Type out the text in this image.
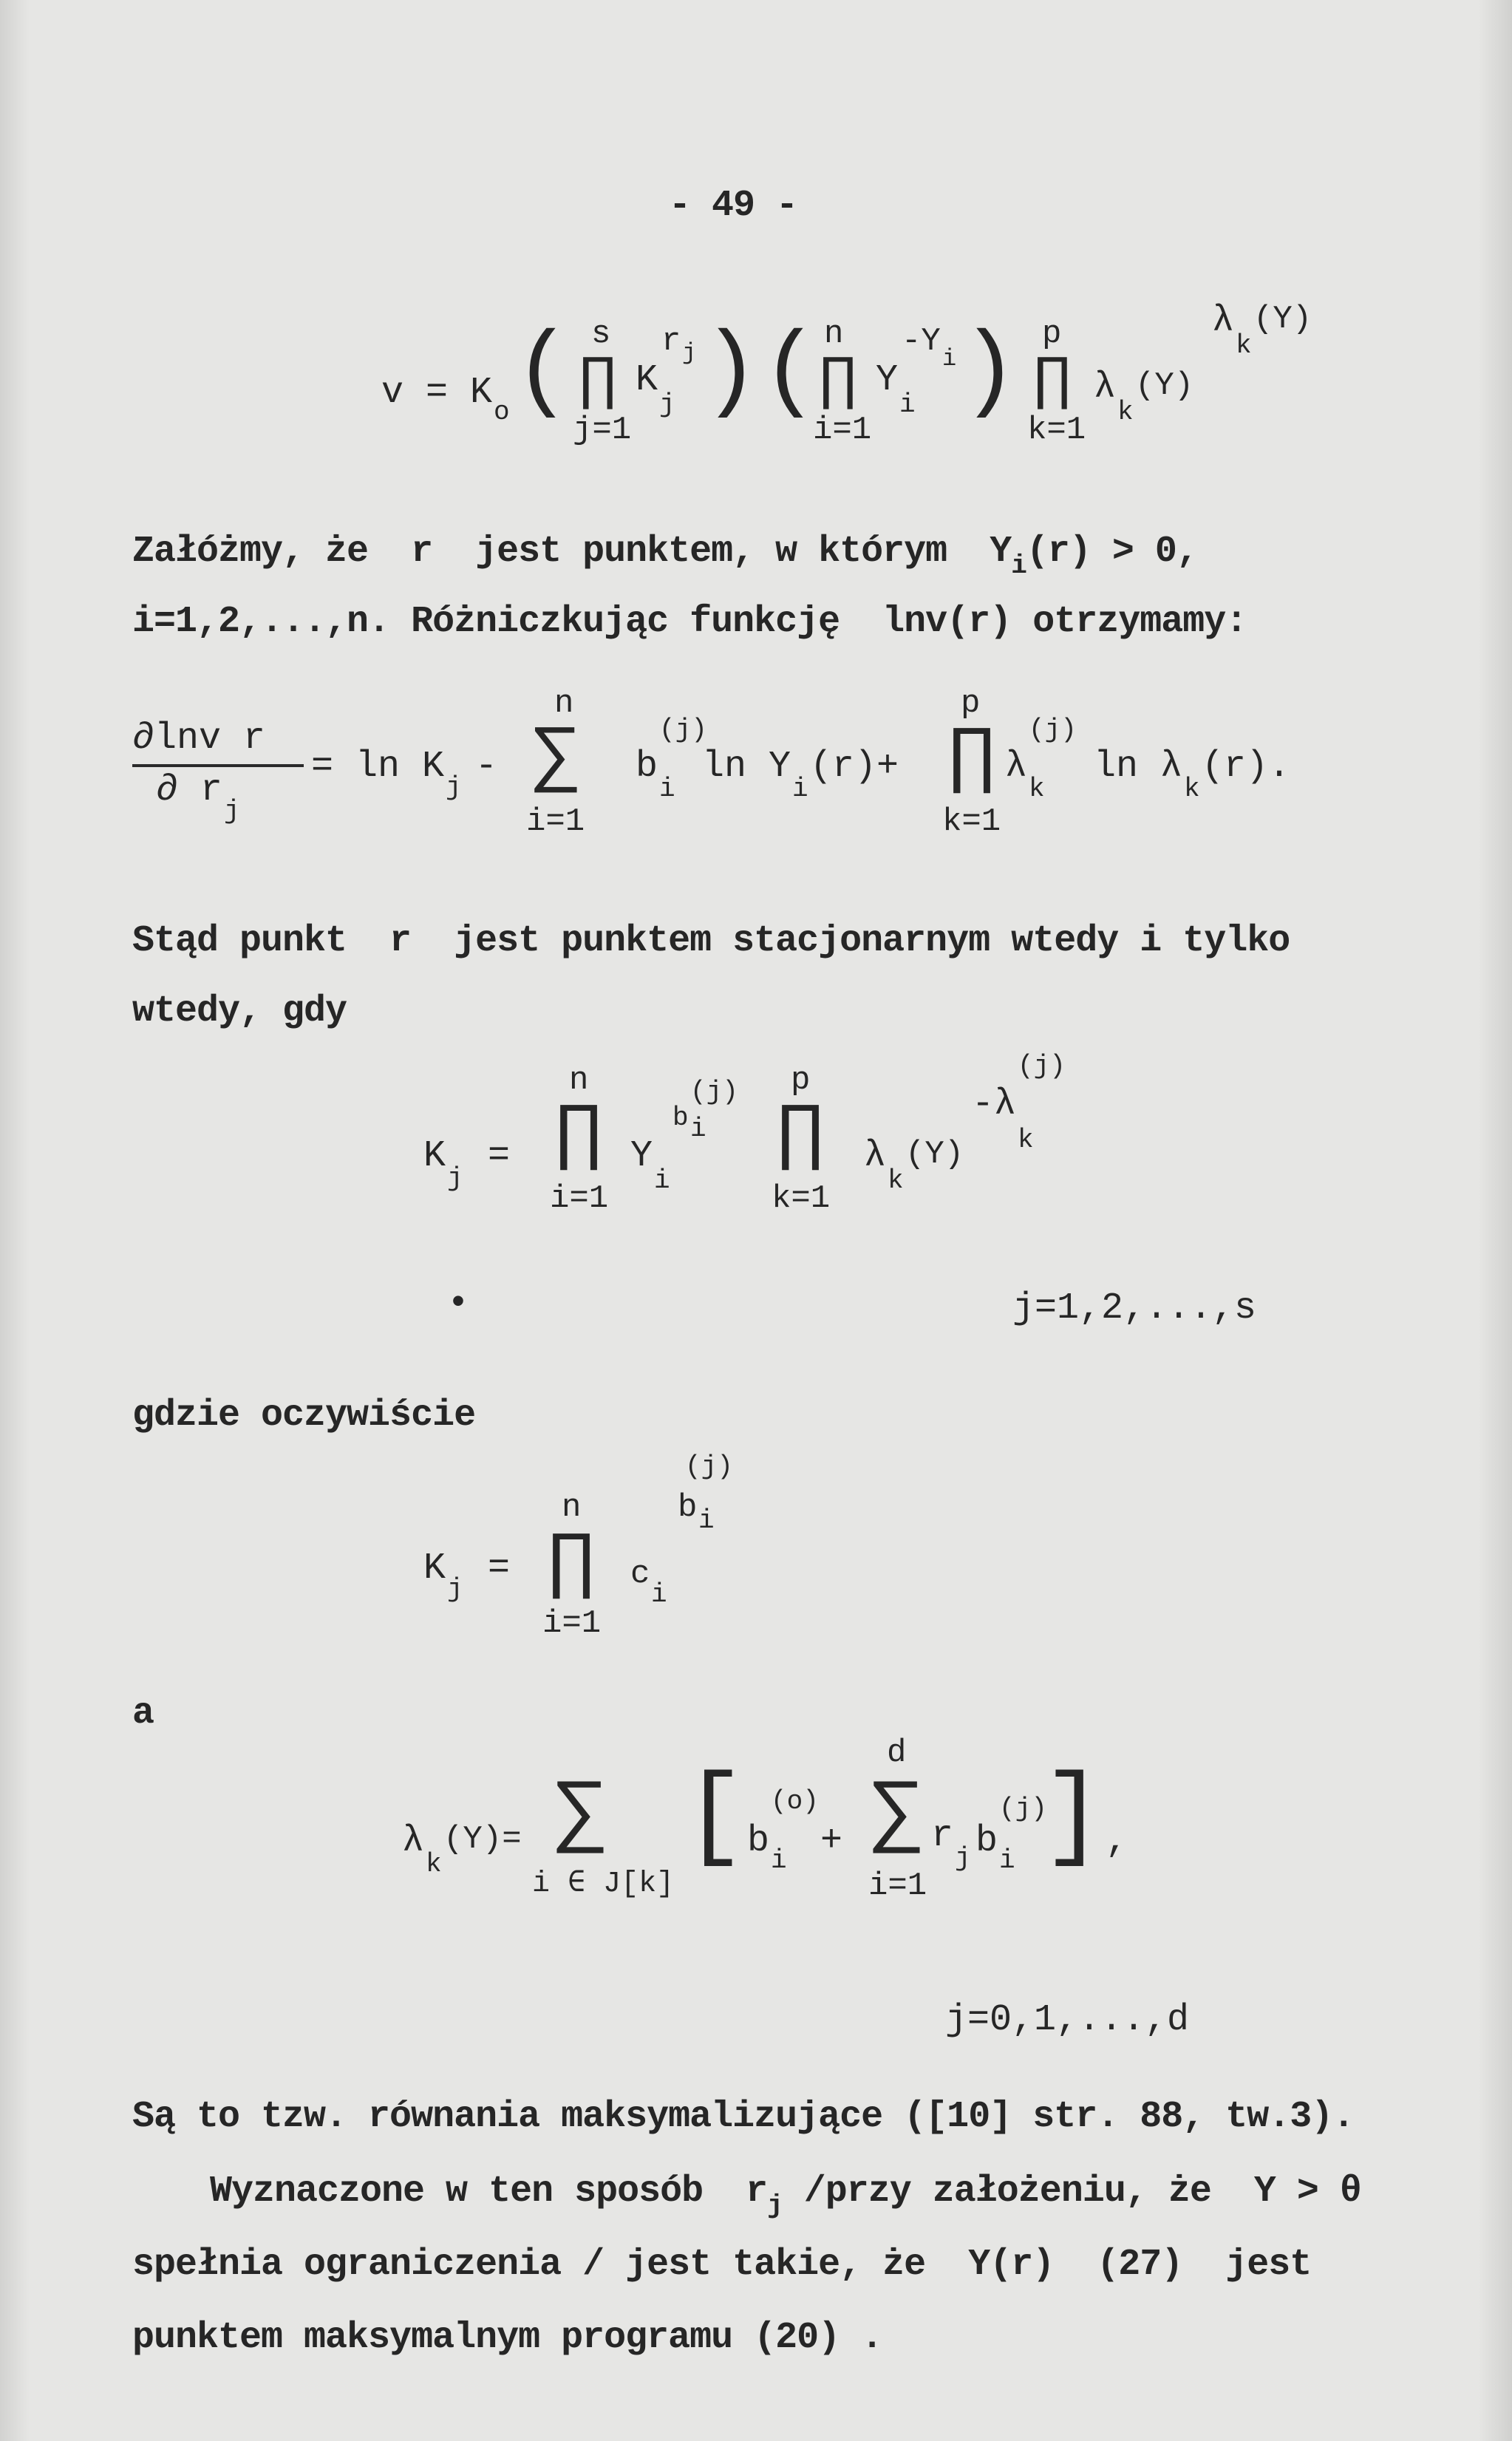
- 49 -
Załóżmy, że  r  jest punktem, w którym  $Y_i(r) > 0$,
i=1,2,...,n. Różniczkując funkcję  lnv(r) otrzymamy:
Stąd punkt  r  jest punktem stacjonarnym wtedy i tylko
wtedy, gdy
gdzie oczywiście
a
Są to tzw. równania maksymalizujące ([10] str. 88, tw.3).
Wyznaczone w ten sposób  $r_j$ /przy założeniu, że  Y > θ
spełnia ograniczenia / jest takie, że  Y(r)  (27)  jest
punktem maksymalnym programu (20) .
v = K o ( s
∏
j=1
K
j
r j ) ( n
∏
i=1
Y
i
-Y i ) p
∏
k=1
λ
k
(Y)
λ
k
(Y)
∂lnv r
∂ r j
= ln K j -
n
∑
i=1
b
(j)
i
ln Y
i
(r)+
p
∏
k=1
λ
(j)
k
ln λ
k
(r).
K
j
=
n
∏
i=1
Y
i
b
(j)
i
p
∏
k=1
λ
k
(Y)
-λ
(j)
k
•	j=1,2,...,s
(j)
n	b i
K j = ∏ c
i
i=1
λ
k
(Y)= ∑
i ∈ J[k]
[ b
(o)
i +
d
∑
i=1
r
j b
(j)
i ] ,
j=0,1,...,d
